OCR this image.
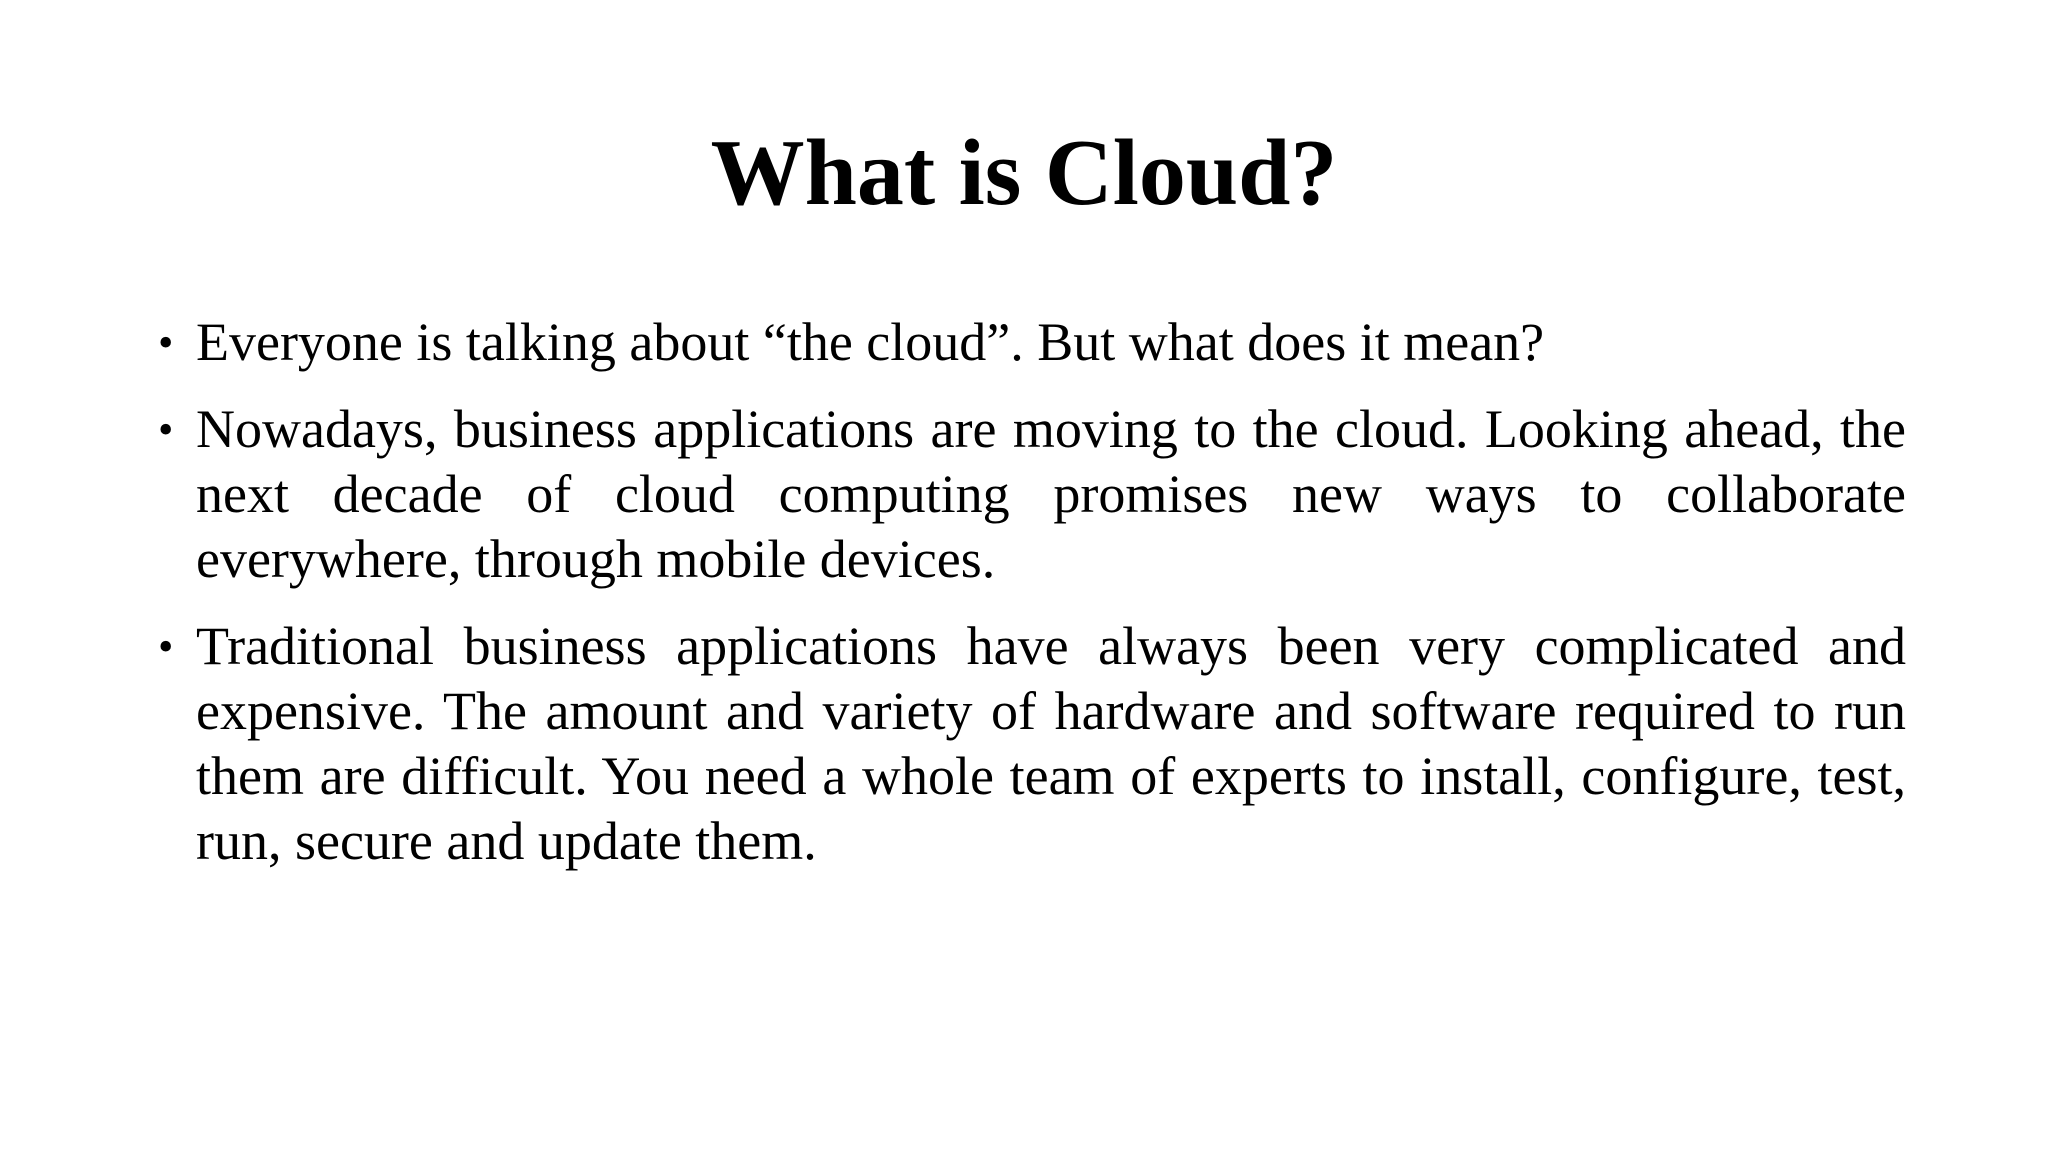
What is Cloud?
• Everyone is talking about “the cloud”. But what does it mean?
• Nowadays, business applications are moving to the cloud. Looking ahead, the next decade of cloud computing promises new ways to collaborate everywhere, through mobile devices.
• Traditional business applications have always been very complicated and expensive. The amount and variety of hardware and software required to run them are difficult. You need a whole team of experts to install, configure, test, run, secure and update them.
